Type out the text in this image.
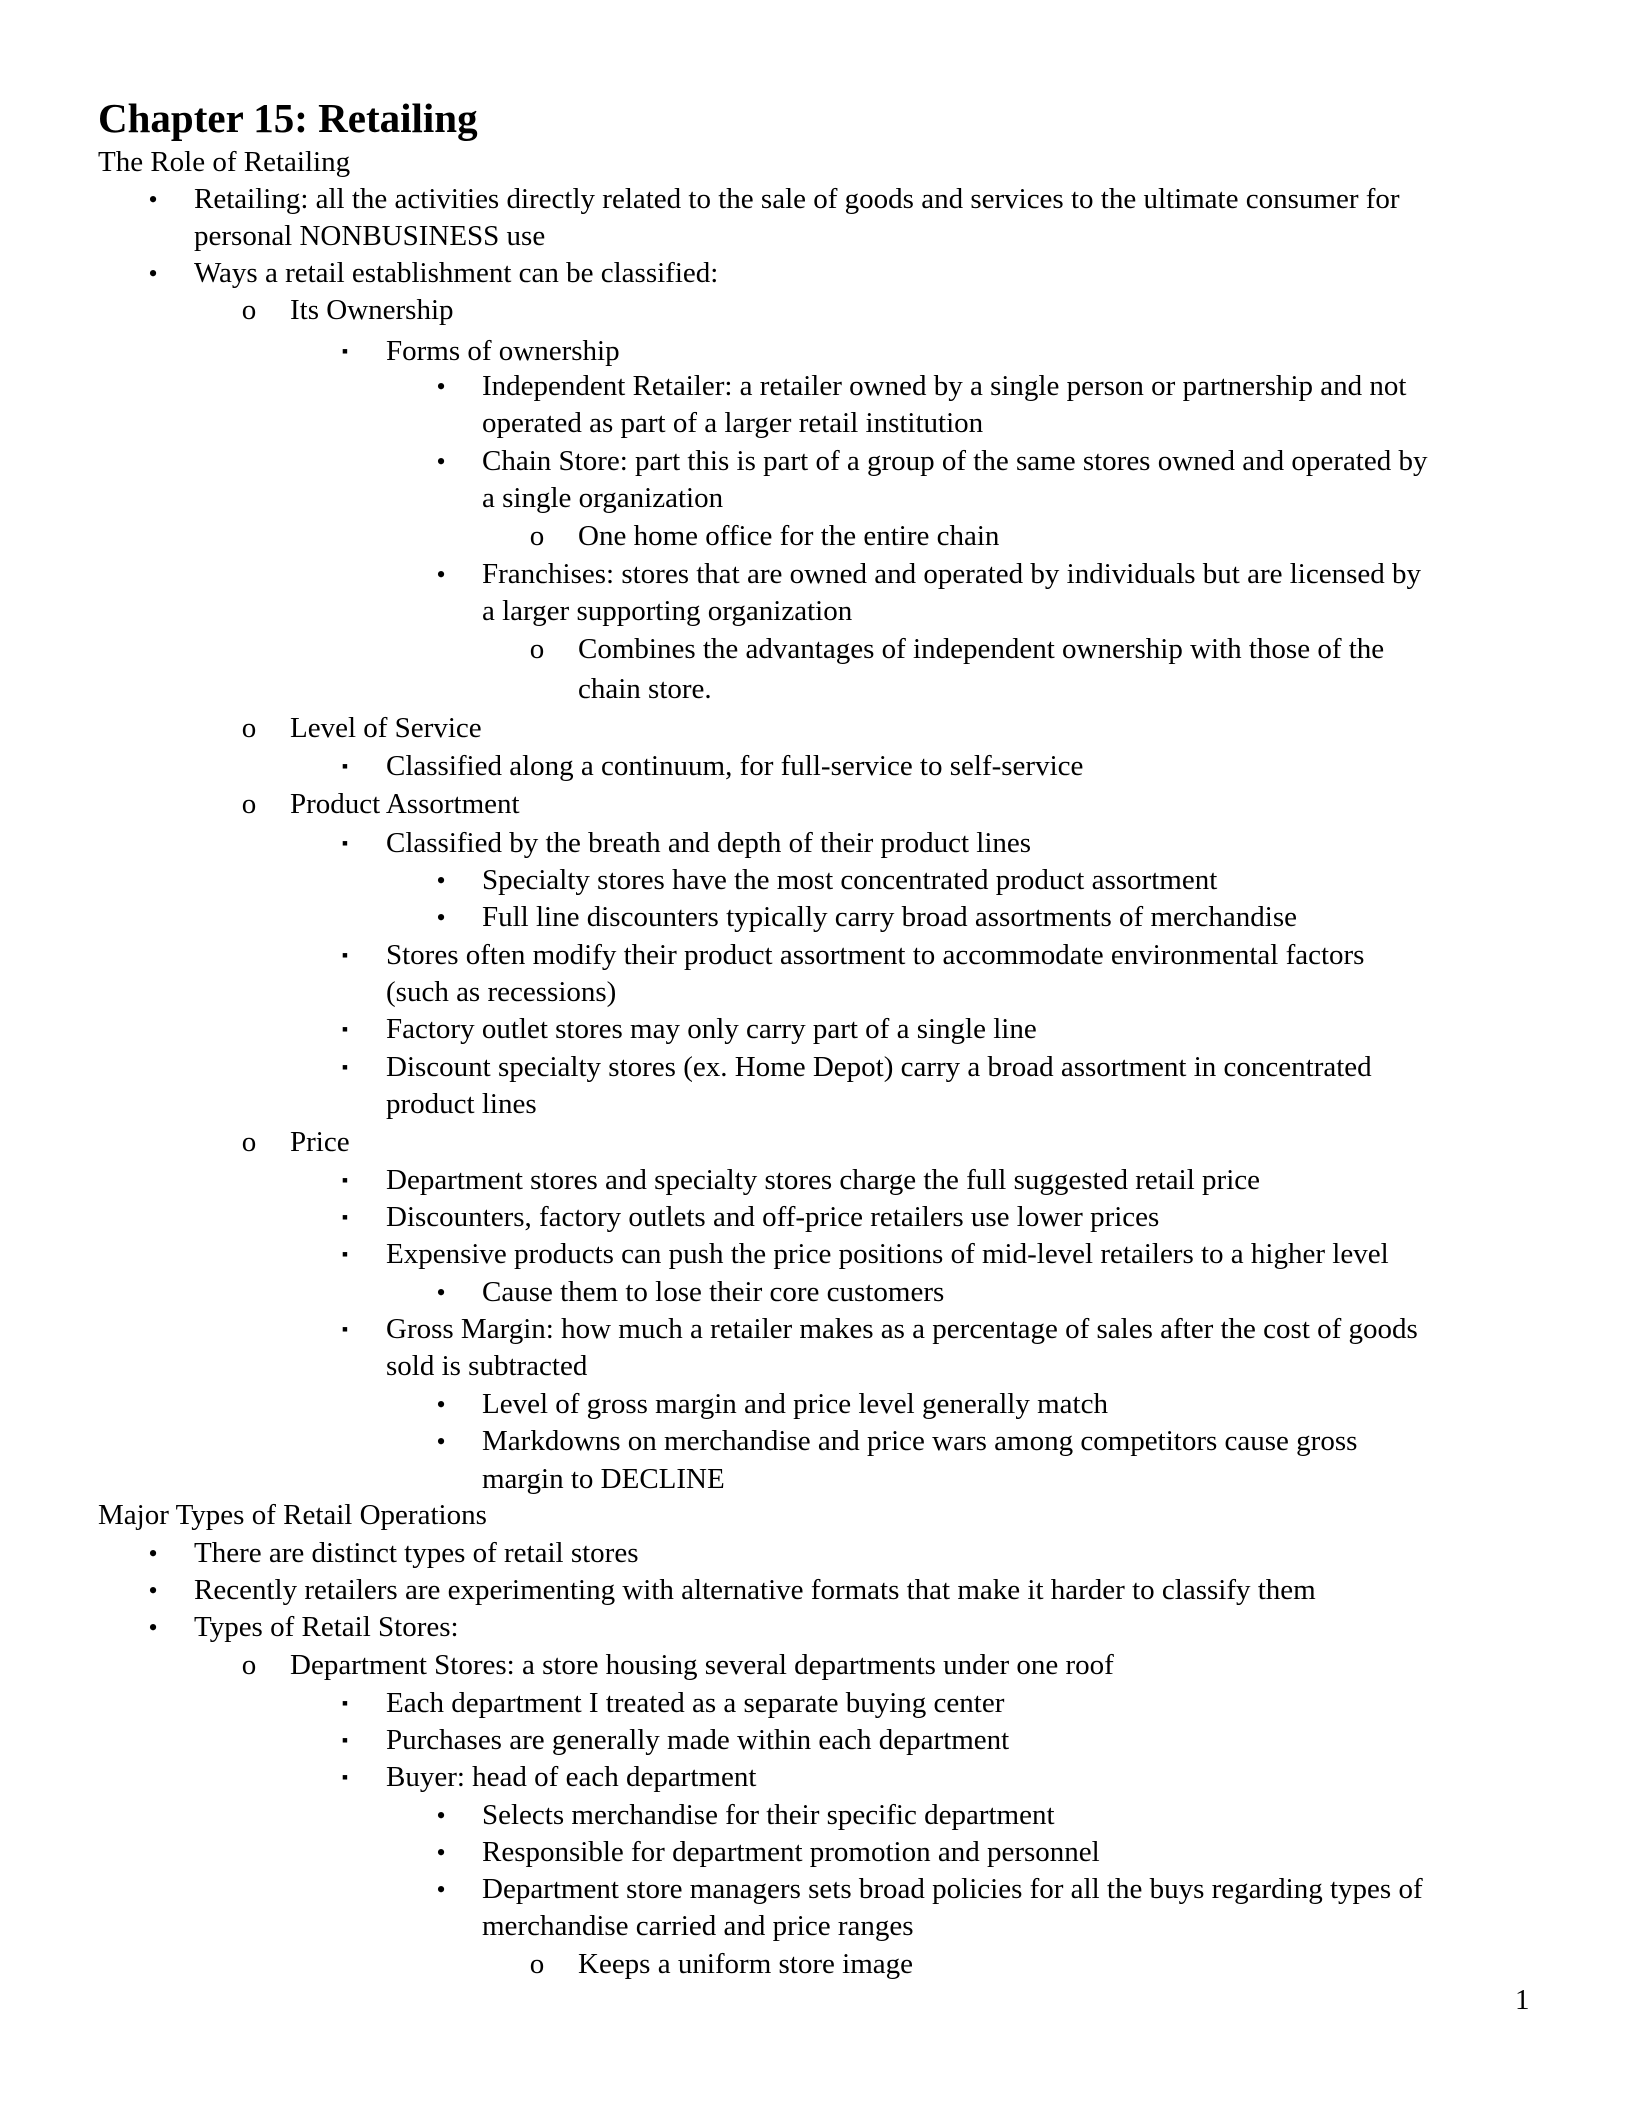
Chapter 15: Retailing
The Role of Retailing
•	Retailing: all the activities directly related to the sale of goods and services to the ultimate consumer for
personal NONBUSINESS use
•	Ways a retail establishment can be classified:
o Its Ownership
▪	Forms of ownership
•	Independent Retailer: a retailer owned by a single person or partnership and not
operated as part of a larger retail institution
•	Chain Store: part this is part of a group of the same stores owned and operated by
a single organization
o One home office for the entire chain
•	Franchises: stores that are owned and operated by individuals but are licensed by
a larger supporting organization
o Combines the advantages of independent ownership with those of the
chain store.
o Level of Service
▪	Classified along a continuum, for full-service to self-service
o Product Assortment
▪	Classified by the breath and depth of their product lines
•	Specialty stores have the most concentrated product assortment
•	Full line discounters typically carry broad assortments of merchandise
▪	Stores often modify their product assortment to accommodate environmental factors
(such as recessions)
▪	Factory outlet stores may only carry part of a single line
▪	Discount specialty stores (ex. Home Depot) carry a broad assortment in concentrated
product lines
o Price
▪	Department stores and specialty stores charge the full suggested retail price
▪	Discounters, factory outlets and off-price retailers use lower prices
▪	Expensive products can push the price positions of mid-level retailers to a higher level
•	Cause them to lose their core customers
▪	Gross Margin: how much a retailer makes as a percentage of sales after the cost of goods
sold is subtracted
•	Level of gross margin and price level generally match
•	Markdowns on merchandise and price wars among competitors cause gross
margin to DECLINE
Major Types of Retail Operations
•	There are distinct types of retail stores
•	Recently retailers are experimenting with alternative formats that make it harder to classify them
•	Types of Retail Stores:
o Department Stores: a store housing several departments under one roof
▪	Each department I treated as a separate buying center
▪	Purchases are generally made within each department
▪	Buyer: head of each department
•	Selects merchandise for their specific department
•	Responsible for department promotion and personnel
•	Department store managers sets broad policies for all the buys regarding types of
merchandise carried and price ranges
o Keeps a uniform store image
1
